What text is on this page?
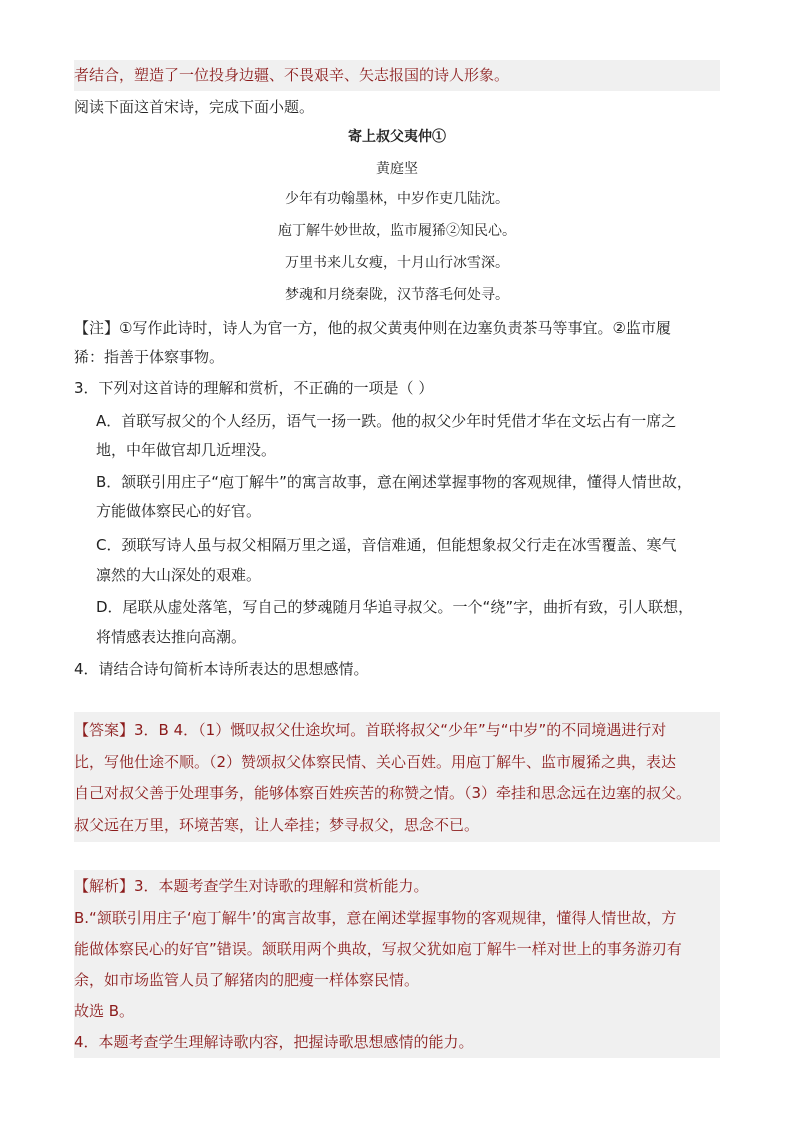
者结合，塑造了一位投身边疆、不畏艰辛、矢志报国的诗人形象。
阅读下面这首宋诗，完成下面小题。
寄上叔父夷仲①
黄庭坚
少年有功翰墨林，中岁作吏几陆沈。
庖丁解牛妙世故，监市履狶②知民心。
万里书来儿女瘦，十月山行冰雪深。
梦魂和月绕秦陇，汉节落毛何处寻。
【注】①写作此诗时，诗人为官一方，他的叔父黄夷仲则在边塞负责茶马等事宜。②监市履
狶：指善于体察事物。
3．下列对这首诗的理解和赏析，不正确的一项是（ ）
A．首联写叔父的个人经历，语气一扬一跌。他的叔父少年时凭借才华在文坛占有一席之
地，中年做官却几近埋没。
B．颔联引用庄子“庖丁解牛”的寓言故事，意在阐述掌握事物的客观规律，懂得人情世故，
方能做体察民心的好官。
C．颈联写诗人虽与叔父相隔万里之遥，音信难通，但能想象叔父行走在冰雪覆盖、寒气
凛然的大山深处的艰难。
D．尾联从虚处落笔，写自己的梦魂随月华追寻叔父。一个“绕”字，曲折有致，引人联想，
将情感表达推向高潮。
4．请结合诗句简析本诗所表达的思想感情。
【答案】3．B 4．（1）慨叹叔父仕途坎坷。首联将叔父“少年”与“中岁”的不同境遇进行对
比，写他仕途不顺。（2）赞颂叔父体察民情、关心百姓。用庖丁解牛、监市履狶之典，表达
自己对叔父善于处理事务，能够体察百姓疾苦的称赞之情。（3）牵挂和思念远在边塞的叔父。
叔父远在万里，环境苦寒，让人牵挂；梦寻叔父，思念不已。
【解析】3．本题考查学生对诗歌的理解和赏析能力。
B.“颔联引用庄子‘庖丁解牛’的寓言故事，意在阐述掌握事物的客观规律，懂得人情世故，方
能做体察民心的好官”错误。颔联用两个典故，写叔父犹如庖丁解牛一样对世上的事务游刃有
余，如市场监管人员了解猪肉的肥瘦一样体察民情。
故选 B。
4．本题考查学生理解诗歌内容，把握诗歌思想感情的能力。
